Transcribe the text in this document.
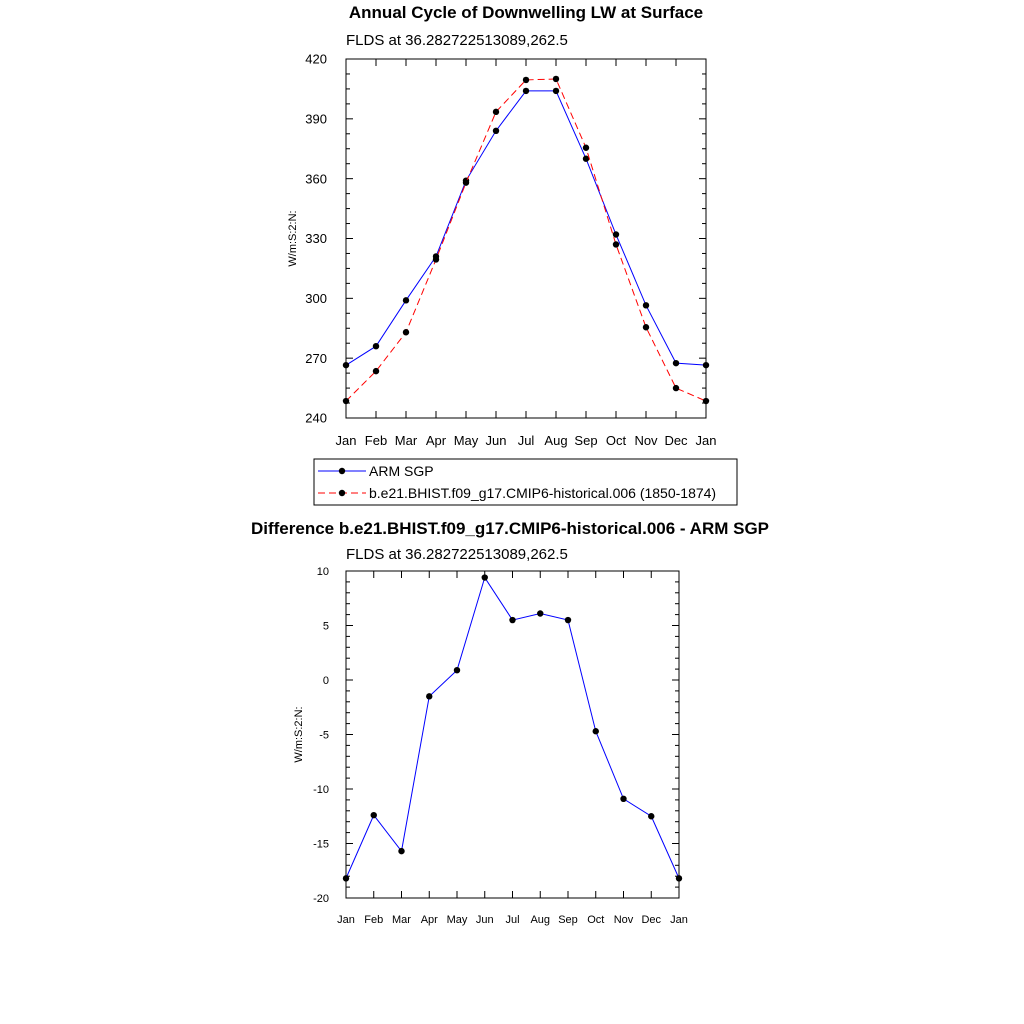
Annual Cycle of Downwelling LW at Surface
FLDS at 36.282722513089,262.5
240
270
300
330
360
390
420
Jan Feb Mar Apr May Jun Jul Aug Sep Oct Nov Dec Jan
W/m:S:2:N:
ARM SGP
b.e21.BHIST.f09_g17.CMIP6-historical.006 (1850-1874)
Difference b.e21.BHIST.f09_g17.CMIP6-historical.006 - ARM SGP
FLDS at 36.282722513089,262.5
-20
-15
-10
-5
0
5
10
Jan Feb Mar Apr May Jun Jul Aug Sep Oct Nov Dec Jan
W/m:S:2:N:
